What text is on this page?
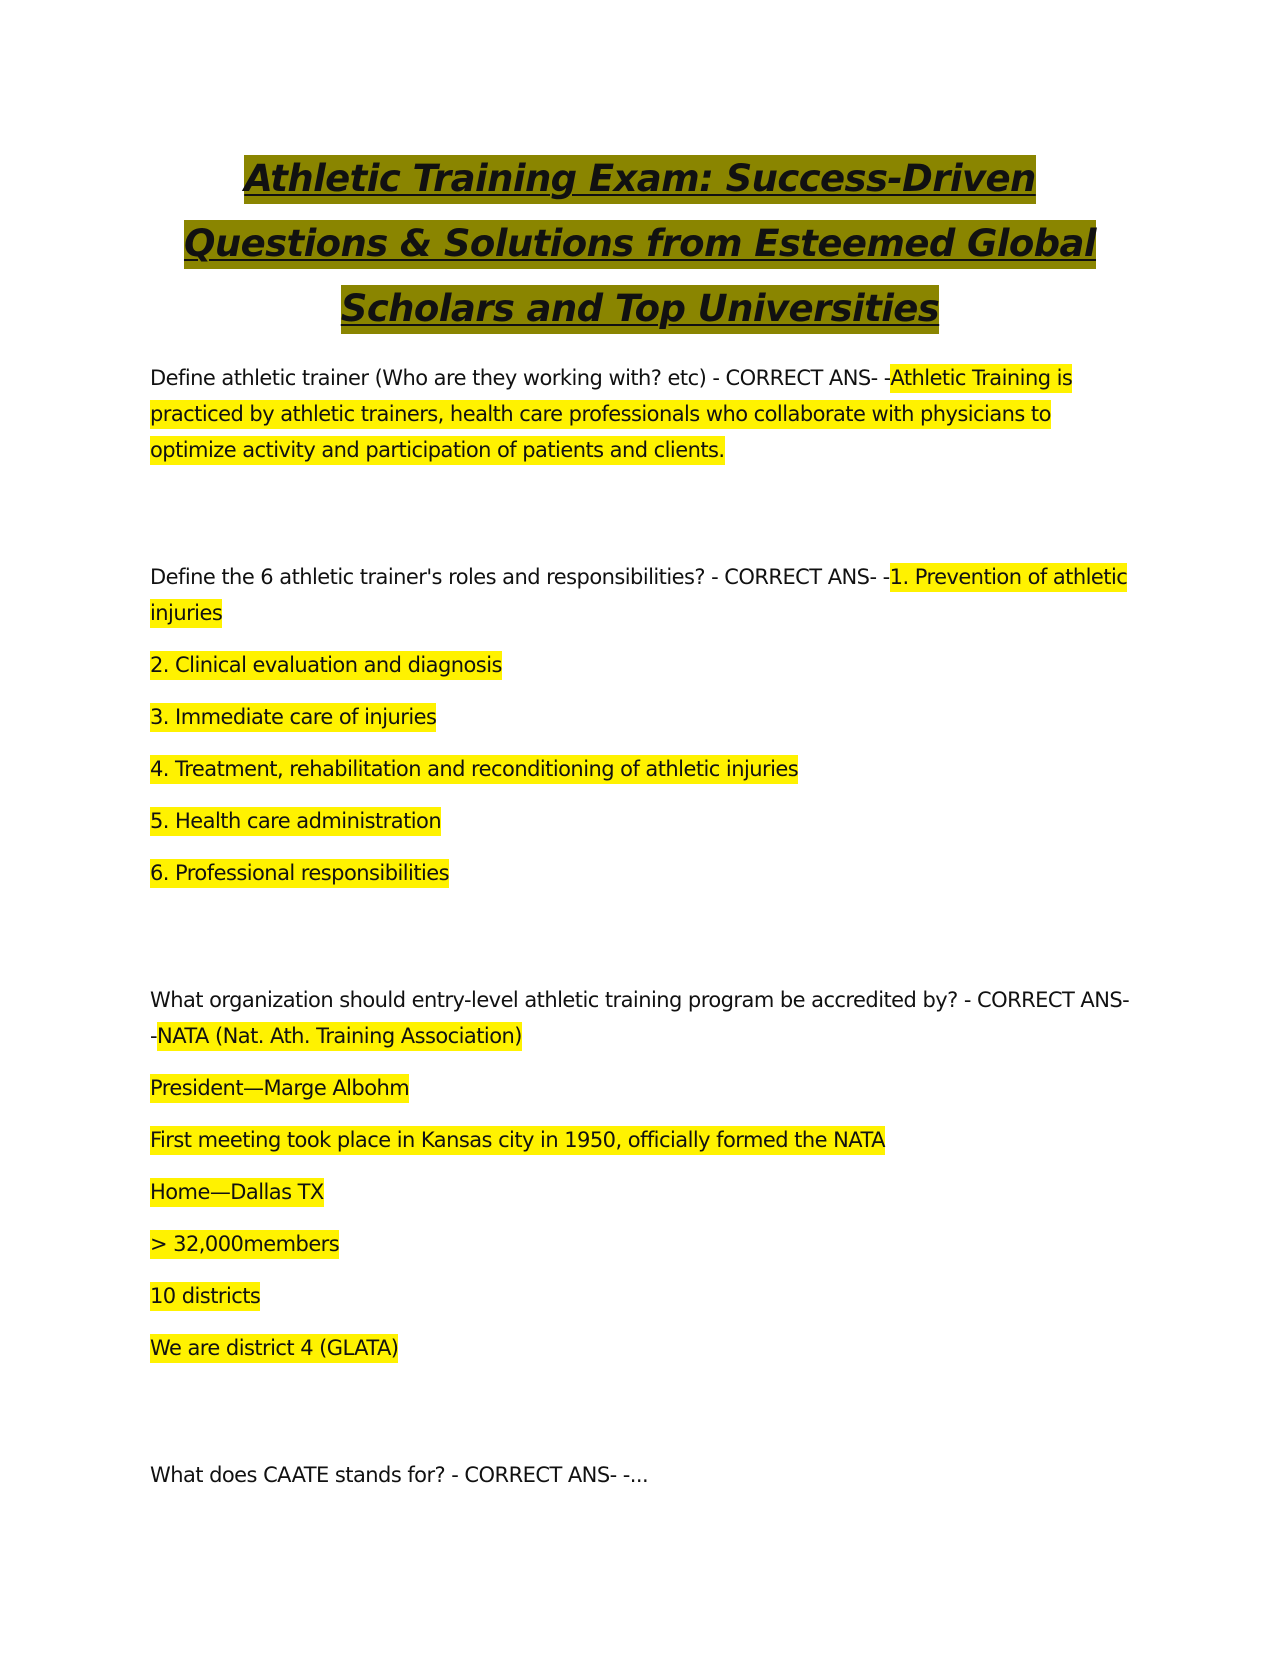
Athletic Training Exam: Success-Driven
Questions & Solutions from Esteemed Global
Scholars and Top Universities

Define athletic trainer (Who are they working with? etc) - CORRECT ANS- -Athletic Training is practiced by athletic trainers, health care professionals who collaborate with physicians to optimize activity and participation of patients and clients.

Define the 6 athletic trainer's roles and responsibilities? - CORRECT ANS- -1. Prevention of athletic injuries

2. Clinical evaluation and diagnosis

3. Immediate care of injuries

4. Treatment, rehabilitation and reconditioning of athletic injuries

5. Health care administration

6. Professional responsibilities

What organization should entry-level athletic training program be accredited by? - CORRECT ANS- -NATA (Nat. Ath. Training Association)

President—Marge Albohm

First meeting took place in Kansas city in 1950, officially formed the NATA

Home—Dallas TX

> 32,000members

10 districts

We are district 4 (GLATA)

What does CAATE stands for? - CORRECT ANS- -...
